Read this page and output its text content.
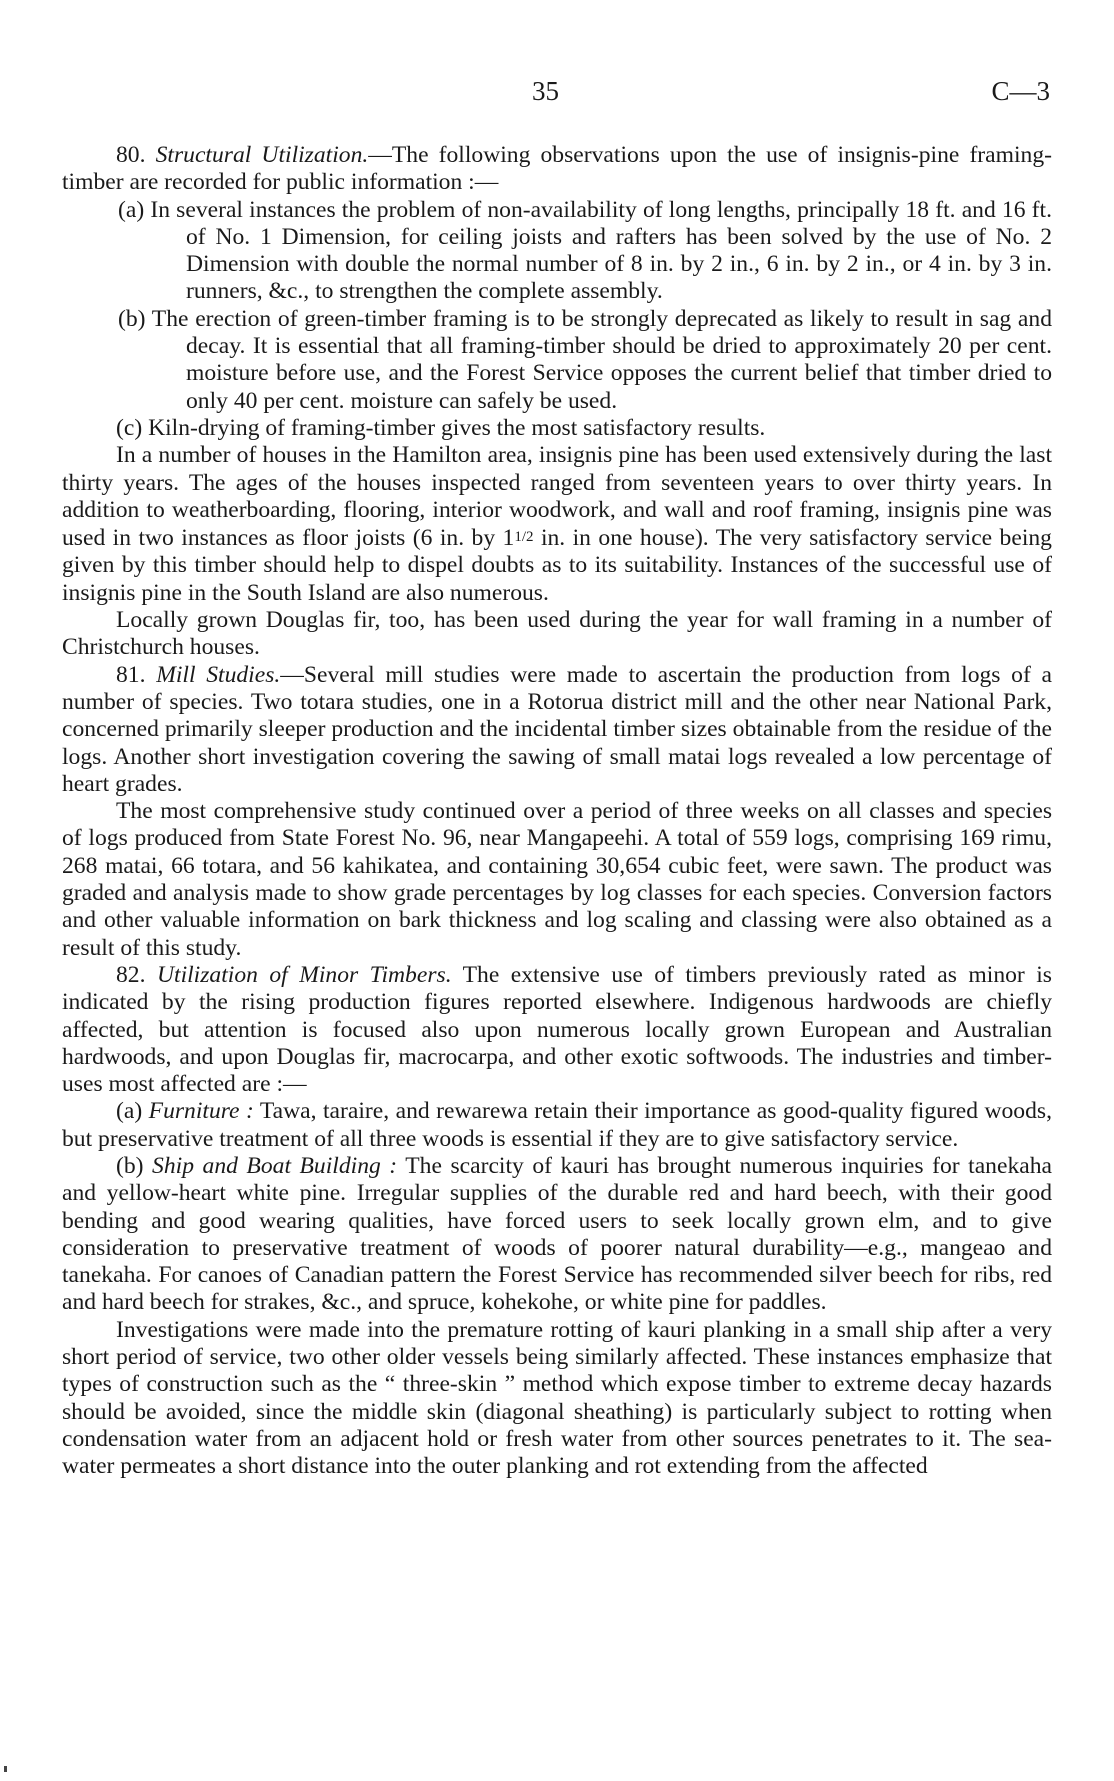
35	C—3

80. Structural Utilization.—The following observations upon the use of insignis-pine framing-timber are recorded for public information :—

(a) In several instances the problem of non-availability of long lengths, principally 18 ft. and 16 ft. of No. 1 Dimension, for ceiling joists and rafters has been solved by the use of No. 2 Dimension with double the normal number of 8 in. by 2 in., 6 in. by 2 in., or 4 in. by 3 in. runners, &c., to strengthen the complete assembly.

(b) The erection of green-timber framing is to be strongly deprecated as likely to result in sag and decay. It is essential that all framing-timber should be dried to approximately 20 per cent. moisture before use, and the Forest Service opposes the current belief that timber dried to only 40 per cent. moisture can safely be used.

(c) Kiln-drying of framing-timber gives the most satisfactory results.

In a number of houses in the Hamilton area, insignis pine has been used extensively during the last thirty years. The ages of the houses inspected ranged from seventeen years to over thirty years. In addition to weatherboarding, flooring, interior woodwork, and wall and roof framing, insignis pine was used in two instances as floor joists (6 in. by 11/2 in. in one house). The very satisfactory service being given by this timber should help to dispel doubts as to its suitability. Instances of the successful use of insignis pine in the South Island are also numerous.

Locally grown Douglas fir, too, has been used during the year for wall framing in a number of Christchurch houses.

81. Mill Studies.—Several mill studies were made to ascertain the production from logs of a number of species. Two totara studies, one in a Rotorua district mill and the other near National Park, concerned primarily sleeper production and the incidental timber sizes obtainable from the residue of the logs. Another short investigation covering the sawing of small matai logs revealed a low percentage of heart grades.

The most comprehensive study continued over a period of three weeks on all classes and species of logs produced from State Forest No. 96, near Mangapeehi. A total of 559 logs, comprising 169 rimu, 268 matai, 66 totara, and 56 kahikatea, and containing 30,654 cubic feet, were sawn. The product was graded and analysis made to show grade percentages by log classes for each species. Conversion factors and other valuable information on bark thickness and log scaling and classing were also obtained as a result of this study.

82. Utilization of Minor Timbers. The extensive use of timbers previously rated as minor is indicated by the rising production figures reported elsewhere. Indigenous hardwoods are chiefly affected, but attention is focused also upon numerous locally grown European and Australian hardwoods, and upon Douglas fir, macrocarpa, and other exotic softwoods. The industries and timber-uses most affected are :—

(a) Furniture : Tawa, taraire, and rewarewa retain their importance as good-quality figured woods, but preservative treatment of all three woods is essential if they are to give satisfactory service.

(b) Ship and Boat Building : The scarcity of kauri has brought numerous inquiries for tanekaha and yellow-heart white pine. Irregular supplies of the durable red and hard beech, with their good bending and good wearing qualities, have forced users to seek locally grown elm, and to give consideration to preservative treatment of woods of poorer natural durability—e.g., mangeao and tanekaha. For canoes of Canadian pattern the Forest Service has recommended silver beech for ribs, red and hard beech for strakes, &c., and spruce, kohekohe, or white pine for paddles.

Investigations were made into the premature rotting of kauri planking in a small ship after a very short period of service, two other older vessels being similarly affected. These instances emphasize that types of construction such as the “ three-skin ” method which expose timber to extreme decay hazards should be avoided, since the middle skin (diagonal sheathing) is particularly subject to rotting when condensation water from an adjacent hold or fresh water from other sources penetrates to it. The sea-water permeates a short distance into the outer planking and rot extending from the affected
